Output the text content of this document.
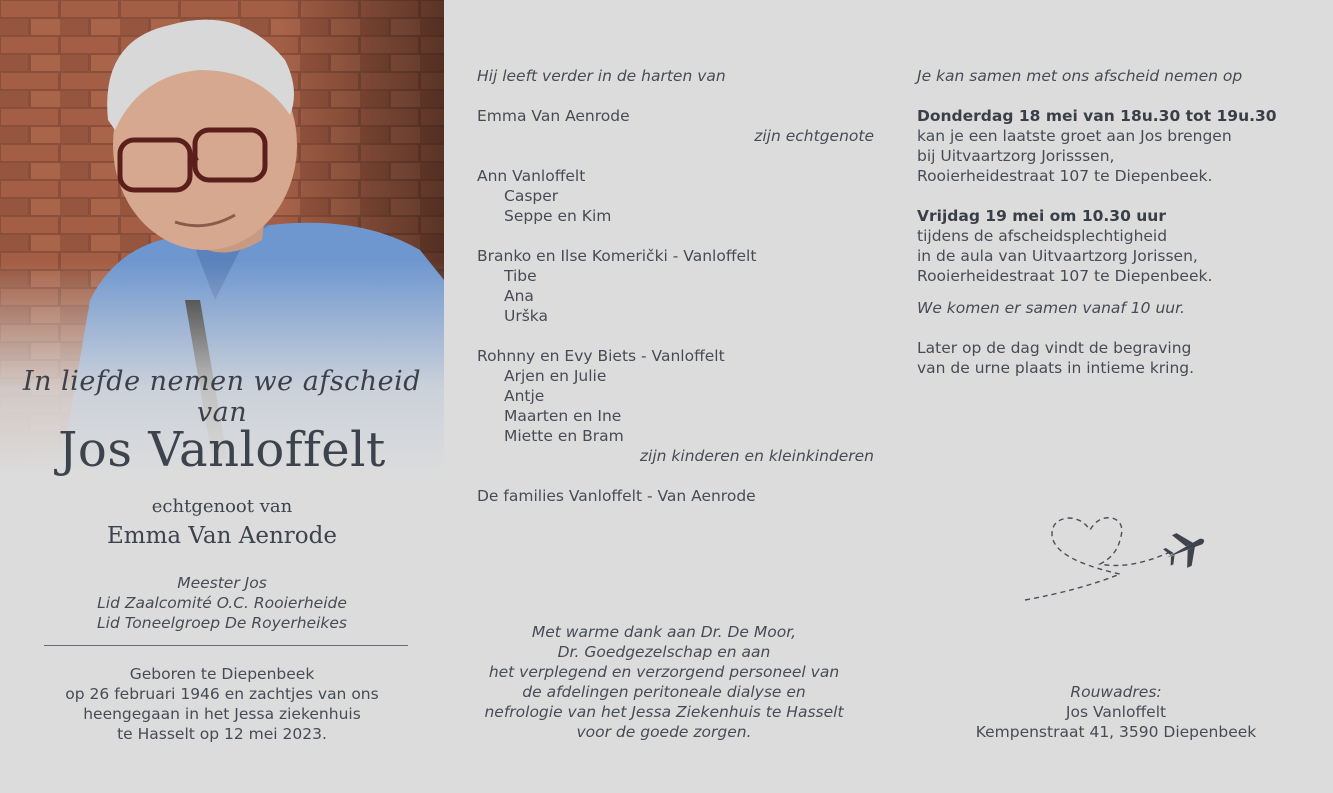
In liefde nemen we afscheid van
Jos Vanloffelt
echtgenoot van
Emma Van Aenrode
Meester Jos
Lid Zaalcomité O.C. Rooierheide
Lid Toneelgroep De Royerheikes
Geboren te Diepenbeek
op 26 februari 1946 en zachtjes van ons
heengegaan in het Jessa ziekenhuis
te Hasselt op 12 mei 2023.
Hij leeft verder in de harten van
Emma Van Aenrode
zijn echtgenote
Ann Vanloffelt
Casper
Seppe en Kim
Branko en Ilse Komerički - Vanloffelt
Tibe
Ana
Urška
Rohnny en Evy Biets - Vanloffelt
Arjen en Julie
Antje
Maarten en Ine
Miette en Bram
zijn kinderen en kleinkinderen
De families Vanloffelt - Van Aenrode
Met warme dank aan Dr. De Moor,
Dr. Goedgezelschap en aan
het verplegend en verzorgend personeel van
de afdelingen peritoneale dialyse en
nefrologie van het Jessa Ziekenhuis te Hasselt
voor de goede zorgen.
Je kan samen met ons afscheid nemen op
Donderdag 18 mei van 18u.30 tot 19u.30
kan je een laatste groet aan Jos brengen
bij Uitvaartzorg Jorisssen,
Rooierheidestraat 107 te Diepenbeek.
Vrijdag 19 mei om 10.30 uur
tijdens de afscheidsplechtigheid
in de aula van Uitvaartzorg Jorissen,
Rooierheidestraat 107 te Diepenbeek.
We komen er samen vanaf 10 uur.
Later op de dag vindt de begraving
van de urne plaats in intieme kring.
Rouwadres:
Jos Vanloffelt
Kempenstraat 41, 3590 Diepenbeek
